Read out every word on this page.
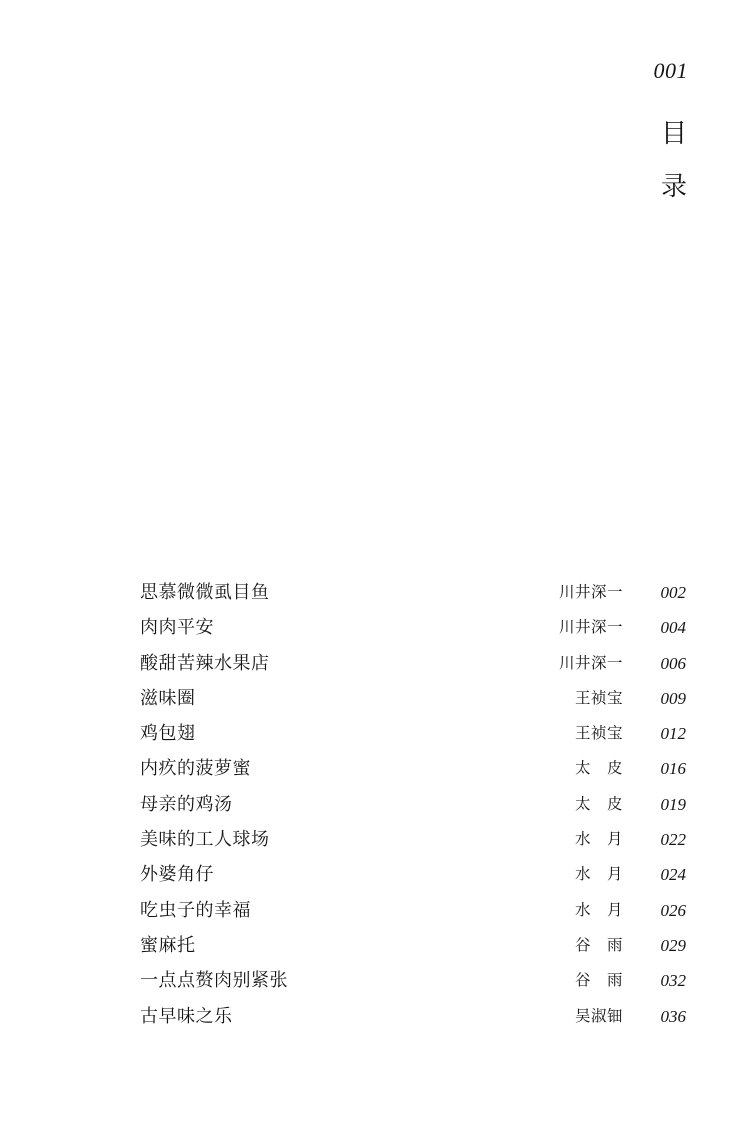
001
目
录
思慕微微虱目鱼	川井深一	002
肉肉平安	川井深一	004
酸甜苦辣水果店	川井深一	006
滋味圈	王祯宝	009
鸡包翅	王祯宝	012
内疚的菠萝蜜	太　皮	016
母亲的鸡汤	太　皮	019
美味的工人球场	水　月	022
外婆角仔	水　月	024
吃虫子的幸福	水　月	026
蜜麻托	谷　雨	029
一点点赘肉别紧张	谷　雨	032
古早味之乐	吴淑钿	036
